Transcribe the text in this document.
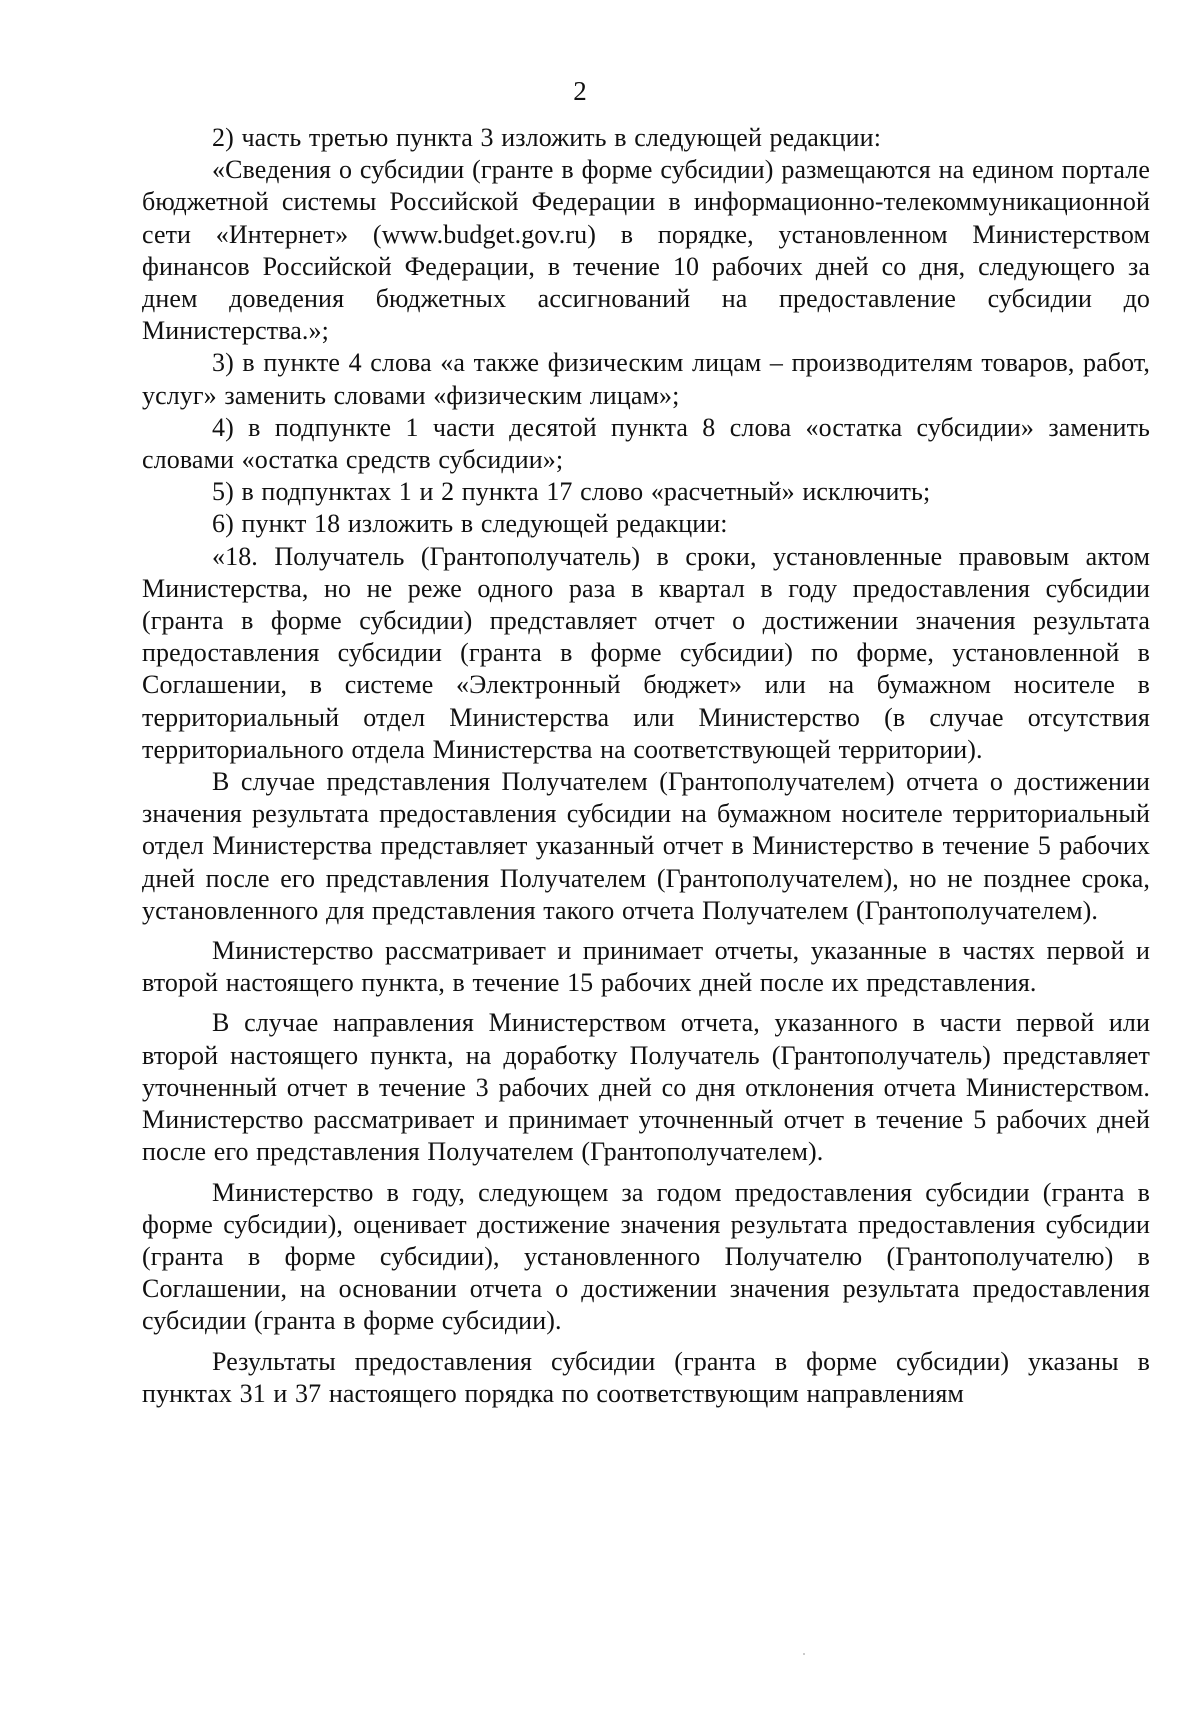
2

2) часть третью пункта 3 изложить в следующей редакции:

«Сведения о субсидии (гранте в форме субсидии) размещаются на едином портале бюджетной системы Российской Федерации в информационно-телекоммуникационной сети «Интернет» (www.budget.gov.ru) в порядке, установленном Министерством финансов Российской Федерации, в течение 10 рабочих дней со дня, следующего за днем доведения бюджетных ассигнований на предоставление субсидии до Министерства.»;

3) в пункте 4 слова «а также физическим лицам – производителям товаров, работ, услуг» заменить словами «физическим лицам»;

4) в подпункте 1 части десятой пункта 8 слова «остатка субсидии» заменить словами «остатка средств субсидии»;

5) в подпунктах 1 и 2 пункта 17 слово «расчетный» исключить;

6) пункт 18 изложить в следующей редакции:

«18. Получатель (Грантополучатель) в сроки, установленные правовым актом Министерства, но не реже одного раза в квартал в году предоставления субсидии (гранта в форме субсидии) представляет отчет о достижении значения результата предоставления субсидии (гранта в форме субсидии) по форме, установленной в Соглашении, в системе «Электронный бюджет» или на бумажном носителе в территориальный отдел Министерства или Министерство (в случае отсутствия территориального отдела Министерства на соответствующей территории).

В случае представления Получателем (Грантополучателем) отчета о достижении значения результата предоставления субсидии на бумажном носителе территориальный отдел Министерства представляет указанный отчет в Министерство в течение 5 рабочих дней после его представления Получателем (Грантополучателем), но не позднее срока, установленного для представления такого отчета Получателем (Грантополучателем).

Министерство рассматривает и принимает отчеты, указанные в частях первой и второй настоящего пункта, в течение 15 рабочих дней после их представления.

В случае направления Министерством отчета, указанного в части первой или второй настоящего пункта, на доработку Получатель (Грантополучатель) представляет уточненный отчет в течение 3 рабочих дней со дня отклонения отчета Министерством. Министерство рассматривает и принимает уточненный отчет в течение 5 рабочих дней после его представления Получателем (Грантополучателем).

Министерство в году, следующем за годом предоставления субсидии (гранта в форме субсидии), оценивает достижение значения результата предоставления субсидии (гранта в форме субсидии), установленного Получателю (Грантополучателю) в Соглашении, на основании отчета о достижении значения результата предоставления субсидии (гранта в форме субсидии).

Результаты предоставления субсидии (гранта в форме субсидии) указаны в пунктах 31 и 37 настоящего порядка по соответствующим направлениям
